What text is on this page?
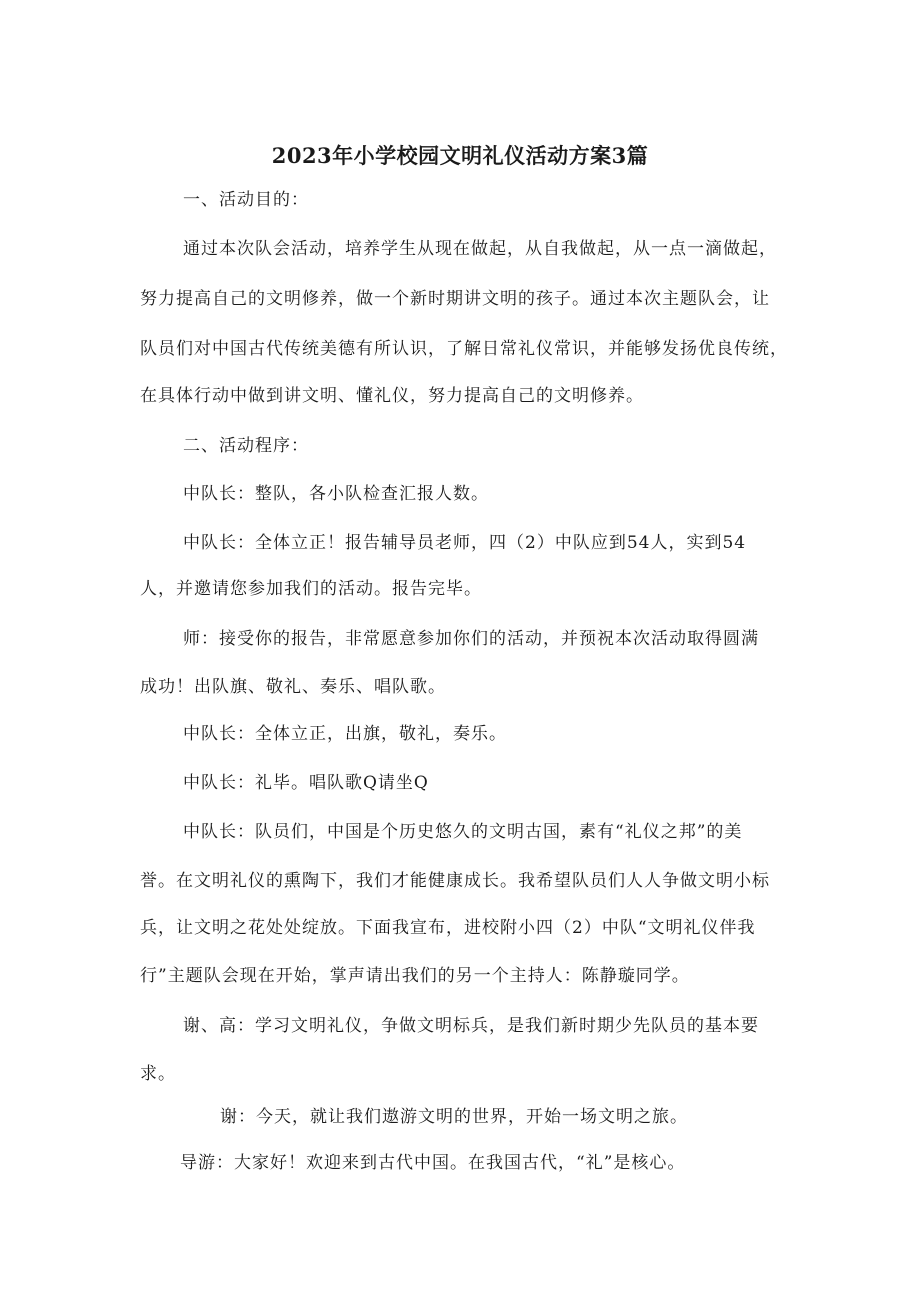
2023年小学校园文明礼仪活动方案3篇
一、活动目的：
通过本次队会活动，培养学生从现在做起，从自我做起，从一点一滴做起，
努力提高自己的文明修养，做一个新时期讲文明的孩子。通过本次主题队会，让
队员们对中国古代传统美德有所认识，了解日常礼仪常识，并能够发扬优良传统，
在具体行动中做到讲文明、懂礼仪，努力提高自己的文明修养。
二、活动程序：
中队长：整队，各小队检查汇报人数。
中队长：全体立正！报告辅导员老师，四（2）中队应到54人，实到54
人，并邀请您参加我们的活动。报告完毕。
师：接受你的报告，非常愿意参加你们的活动，并预祝本次活动取得圆满
成功！出队旗、敬礼、奏乐、唱队歌。
中队长：全体立正，出旗，敬礼，奏乐。
中队长：礼毕。唱队歌Q请坐Q
中队长：队员们，中国是个历史悠久的文明古国，素有“礼仪之邦”的美
誉。在文明礼仪的熏陶下，我们才能健康成长。我希望队员们人人争做文明小标
兵，让文明之花处处绽放。下面我宣布，进校附小四（2）中队“文明礼仪伴我
行”主题队会现在开始，掌声请出我们的另一个主持人：陈静璇同学。
谢、高：学习文明礼仪，争做文明标兵，是我们新时期少先队员的基本要
求。
谢：今天，就让我们遨游文明的世界，开始一场文明之旅。
导游：大家好！欢迎来到古代中国。在我国古代，“礼”是核心。
